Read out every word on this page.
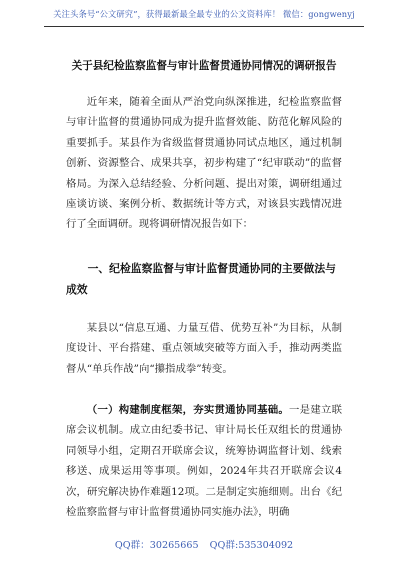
关注头条号“公文研究”，获得最新最全最专业的公文资料库！ 微信：gongwenyj
关于县纪检监察监督与审计监督贯通协同情况的调研报告
近年来，随着全面从严治党向纵深推进，纪检监察监督与审计监督的贯通协同成为提升监督效能、防范化解风险的重要抓手。某县作为省级监督贯通协同试点地区，通过机制创新、资源整合、成果共享，初步构建了“纪审联动”的监督格局。为深入总结经验、分析问题、提出对策，调研组通过座谈访谈、案例分析、数据统计等方式，对该县实践情况进行了全面调研。现将调研情况报告如下：
一、纪检监察监督与审计监督贯通协同的主要做法与成效
某县以“信息互通、力量互借、优势互补”为目标，从制度设计、平台搭建、重点领域突破等方面入手，推动两类监督从“单兵作战”向“攥指成拳”转变。
（一）构建制度框架，夯实贯通协同基础。一是建立联席会议机制。成立由纪委书记、审计局长任双组长的贯通协同领导小组，定期召开联席会议，统筹协调监督计划、线索移送、成果运用等事项。例如，2024年共召开联席会议4次，研究解决协作难题12项。二是制定实施细则。出台《纪检监察监督与审计监督贯通协同实施办法》，明确
QQ群：30265665 QQ群:535304092
